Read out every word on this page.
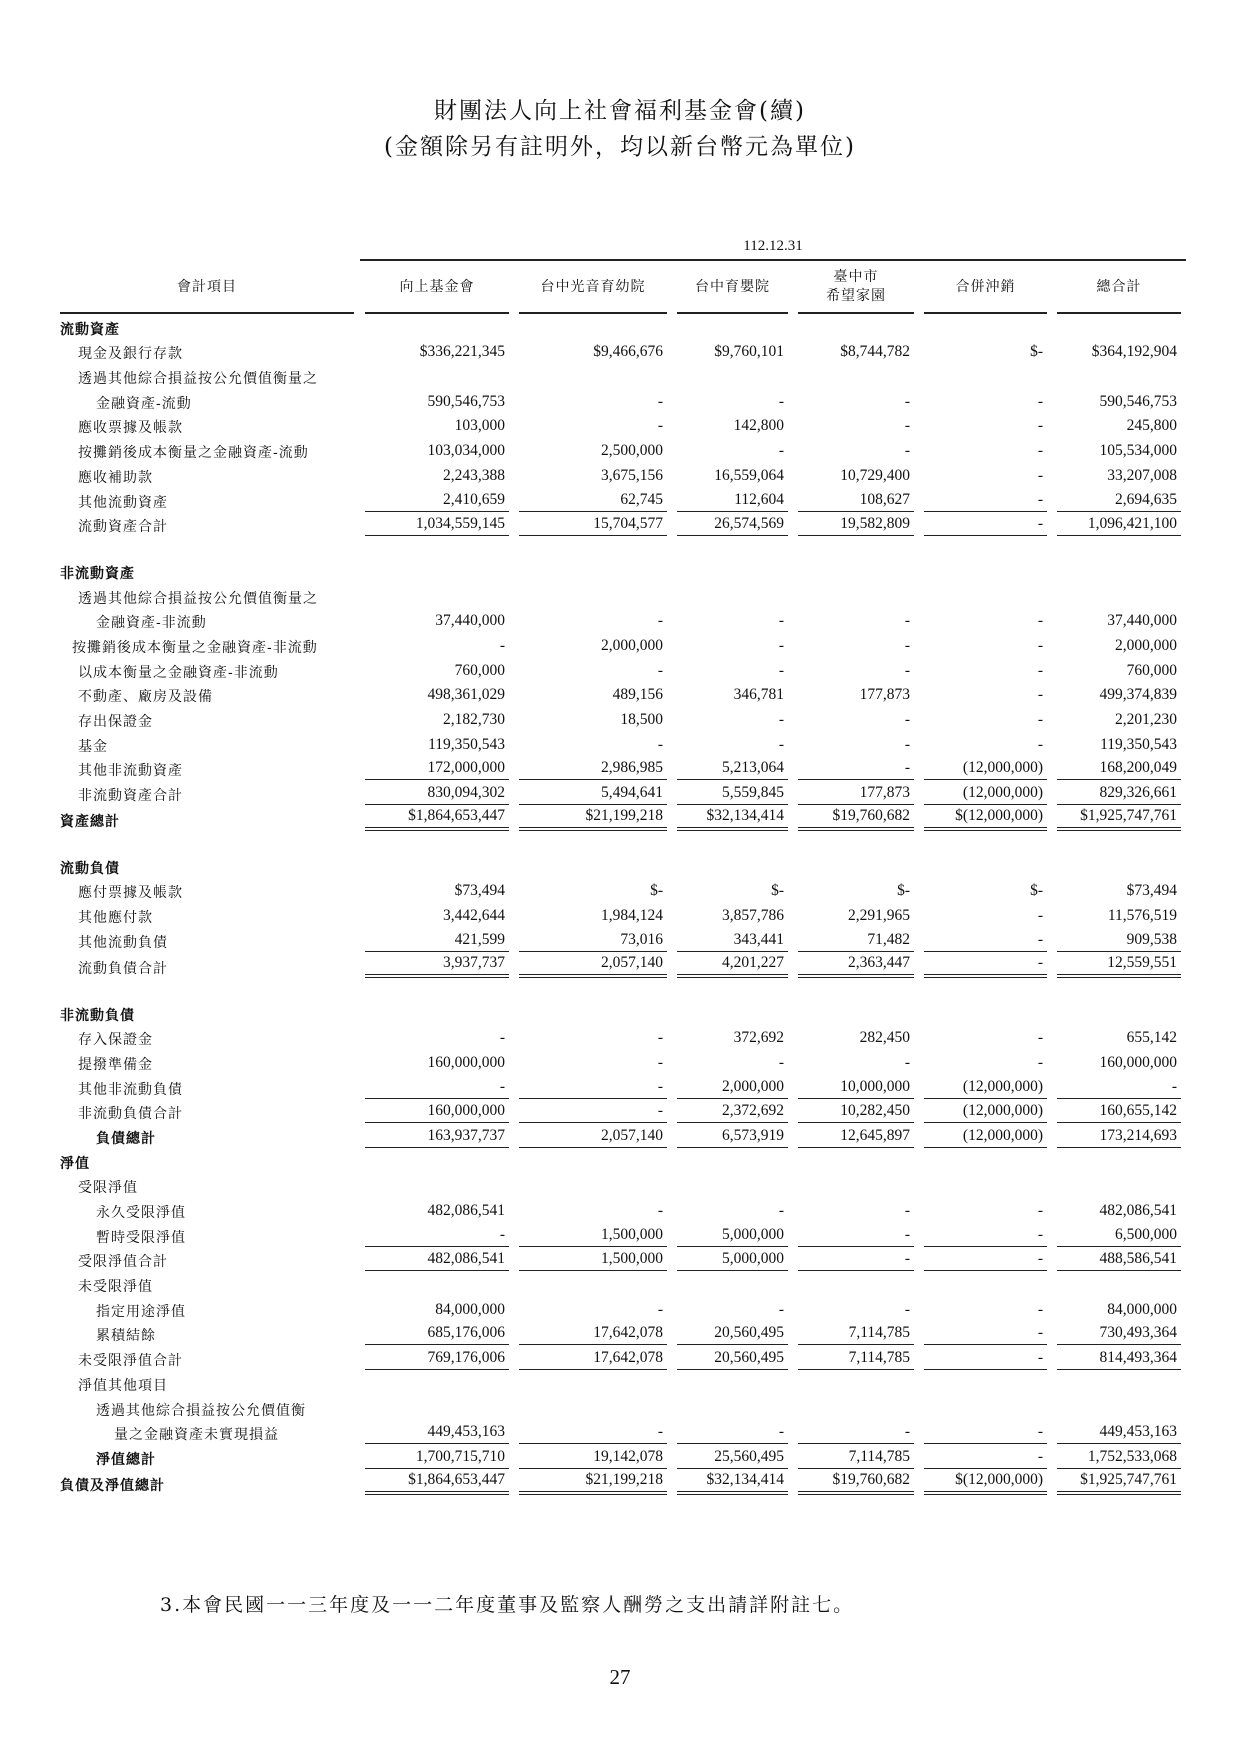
財團法人向上社會福利基金會(續)
(金額除另有註明外，均以新台幣元為單位)
112.12.31
會計項目	向上基金會	台中光音育幼院	台中育嬰院	臺中市
希望家園	合併沖銷	總合計

流動資產	

現金及銀行存款	$336,221,345	$9,466,676	$9,760,101	$8,744,782	$-	$364,192,904

透過其他綜合損益按公允價值衡量之	

金融資產-流動	590,546,753	-	-	-	-	590,546,753

應收票據及帳款	103,000	-	142,800	-	-	245,800

按攤銷後成本衡量之金融資產-流動	103,034,000	2,500,000	-	-	-	105,534,000

應收補助款	2,243,388	3,675,156	16,559,064	10,729,400	-	33,207,008

其他流動資產	2,410,659	62,745	112,604	108,627	-	2,694,635

流動資產合計	1,034,559,145	15,704,577	26,574,569	19,582,809	-	1,096,421,100

非流動資產	

透過其他綜合損益按公允價值衡量之	

金融資產-非流動	37,440,000	-	-	-	-	37,440,000

按攤銷後成本衡量之金融資產-非流動	-	2,000,000	-	-	-	2,000,000

以成本衡量之金融資產-非流動	760,000	-	-	-	-	760,000

不動產、廠房及設備	498,361,029	489,156	346,781	177,873	-	499,374,839

存出保證金	2,182,730	18,500	-	-	-	2,201,230

基金	119,350,543	-	-	-	-	119,350,543

其他非流動資產	172,000,000	2,986,985	5,213,064	-	(12,000,000)	168,200,049

非流動資產合計	830,094,302	5,494,641	5,559,845	177,873	(12,000,000)	829,326,661

資產總計	$1,864,653,447	$21,199,218	$32,134,414	$19,760,682	$(12,000,000)	$1,925,747,761

流動負債	

應付票據及帳款	$73,494	$-	$-	$-	$-	$73,494

其他應付款	3,442,644	1,984,124	3,857,786	2,291,965	-	11,576,519

其他流動負債	421,599	73,016	343,441	71,482	-	909,538

流動負債合計	3,937,737	2,057,140	4,201,227	2,363,447	-	12,559,551

非流動負債	

存入保證金	-	-	372,692	282,450	-	655,142

提撥準備金	160,000,000	-	-	-	-	160,000,000

其他非流動負債	-	-	2,000,000	10,000,000	(12,000,000)	-

非流動負債合計	160,000,000	-	2,372,692	10,282,450	(12,000,000)	160,655,142

負債總計	163,937,737	2,057,140	6,573,919	12,645,897	(12,000,000)	173,214,693

淨值	

受限淨值	

永久受限淨值	482,086,541	-	-	-	-	482,086,541

暫時受限淨值	-	1,500,000	5,000,000	-	-	6,500,000

受限淨值合計	482,086,541	1,500,000	5,000,000	-	-	488,586,541

未受限淨值	

指定用途淨值	84,000,000	-	-	-	-	84,000,000

累積結餘	685,176,006	17,642,078	20,560,495	7,114,785	-	730,493,364

未受限淨值合計	769,176,006	17,642,078	20,560,495	7,114,785	-	814,493,364

淨值其他項目	

透過其他綜合損益按公允價值衡	

量之金融資產未實現損益	449,453,163	-	-	-	-	449,453,163

淨值總計	1,700,715,710	19,142,078	25,560,495	7,114,785	-	1,752,533,068

負債及淨值總計	$1,864,653,447	$21,199,218	$32,134,414	$19,760,682	$(12,000,000)	$1,925,747,761
3.本會民國一一三年度及一一二年度董事及監察人酬勞之支出請詳附註七。
27
